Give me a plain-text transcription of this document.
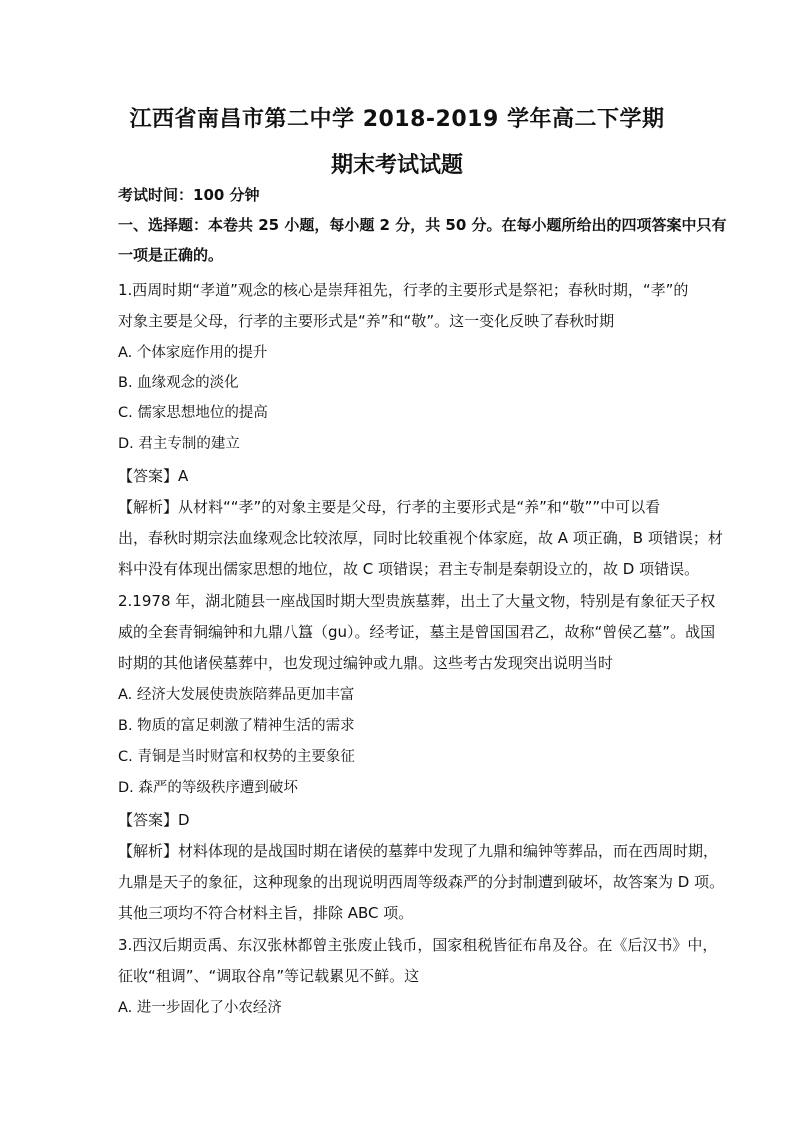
江西省南昌市第二中学 2018-2019 学年高二下学期
期末考试试题
考试时间：100 分钟
一、选择题：本卷共 25 小题，每小题 2 分，共 50 分。在每小题所给出的四项答案中只有
一项是正确的。
1.西周时期“孝道”观念的核心是崇拜祖先，行孝的主要形式是祭祀；春秋时期，“孝”的
对象主要是父母，行孝的主要形式是“养”和“敬”。这一变化反映了春秋时期
A. 个体家庭作用的提升
B. 血缘观念的淡化
C. 儒家思想地位的提高
D. 君主专制的建立
【答案】A
【解析】从材料““孝”的对象主要是父母，行孝的主要形式是“养”和“敬””中可以看
出，春秋时期宗法血缘观念比较浓厚，同时比较重视个体家庭，故 A 项正确，B 项错误；材
料中没有体现出儒家思想的地位，故 C 项错误；君主专制是秦朝设立的，故 D 项错误。
2.1978 年，湖北随县一座战国时期大型贵族墓葬，出土了大量文物，特别是有象征天子权
威的全套青铜编钟和九鼎八簋（gu）。经考证，墓主是曾国国君乙，故称“曾侯乙墓”。战国
时期的其他诸侯墓葬中，也发现过编钟或九鼎。这些考古发现突出说明当时
A. 经济大发展使贵族陪葬品更加丰富
B. 物质的富足刺激了精神生活的需求
C. 青铜是当时财富和权势的主要象征
D. 森严的等级秩序遭到破坏
【答案】D
【解析】材料体现的是战国时期在诸侯的墓葬中发现了九鼎和编钟等葬品，而在西周时期，
九鼎是天子的象征，这种现象的出现说明西周等级森严的分封制遭到破坏，故答案为 D 项。
其他三项均不符合材料主旨，排除 ABC 项。
3.西汉后期贡禹、东汉张林都曾主张废止钱币，国家租税皆征布帛及谷。在《后汉书》中，
征收“租调”、“调取谷帛”等记载累见不鲜。这
A. 进一步固化了小农经济
